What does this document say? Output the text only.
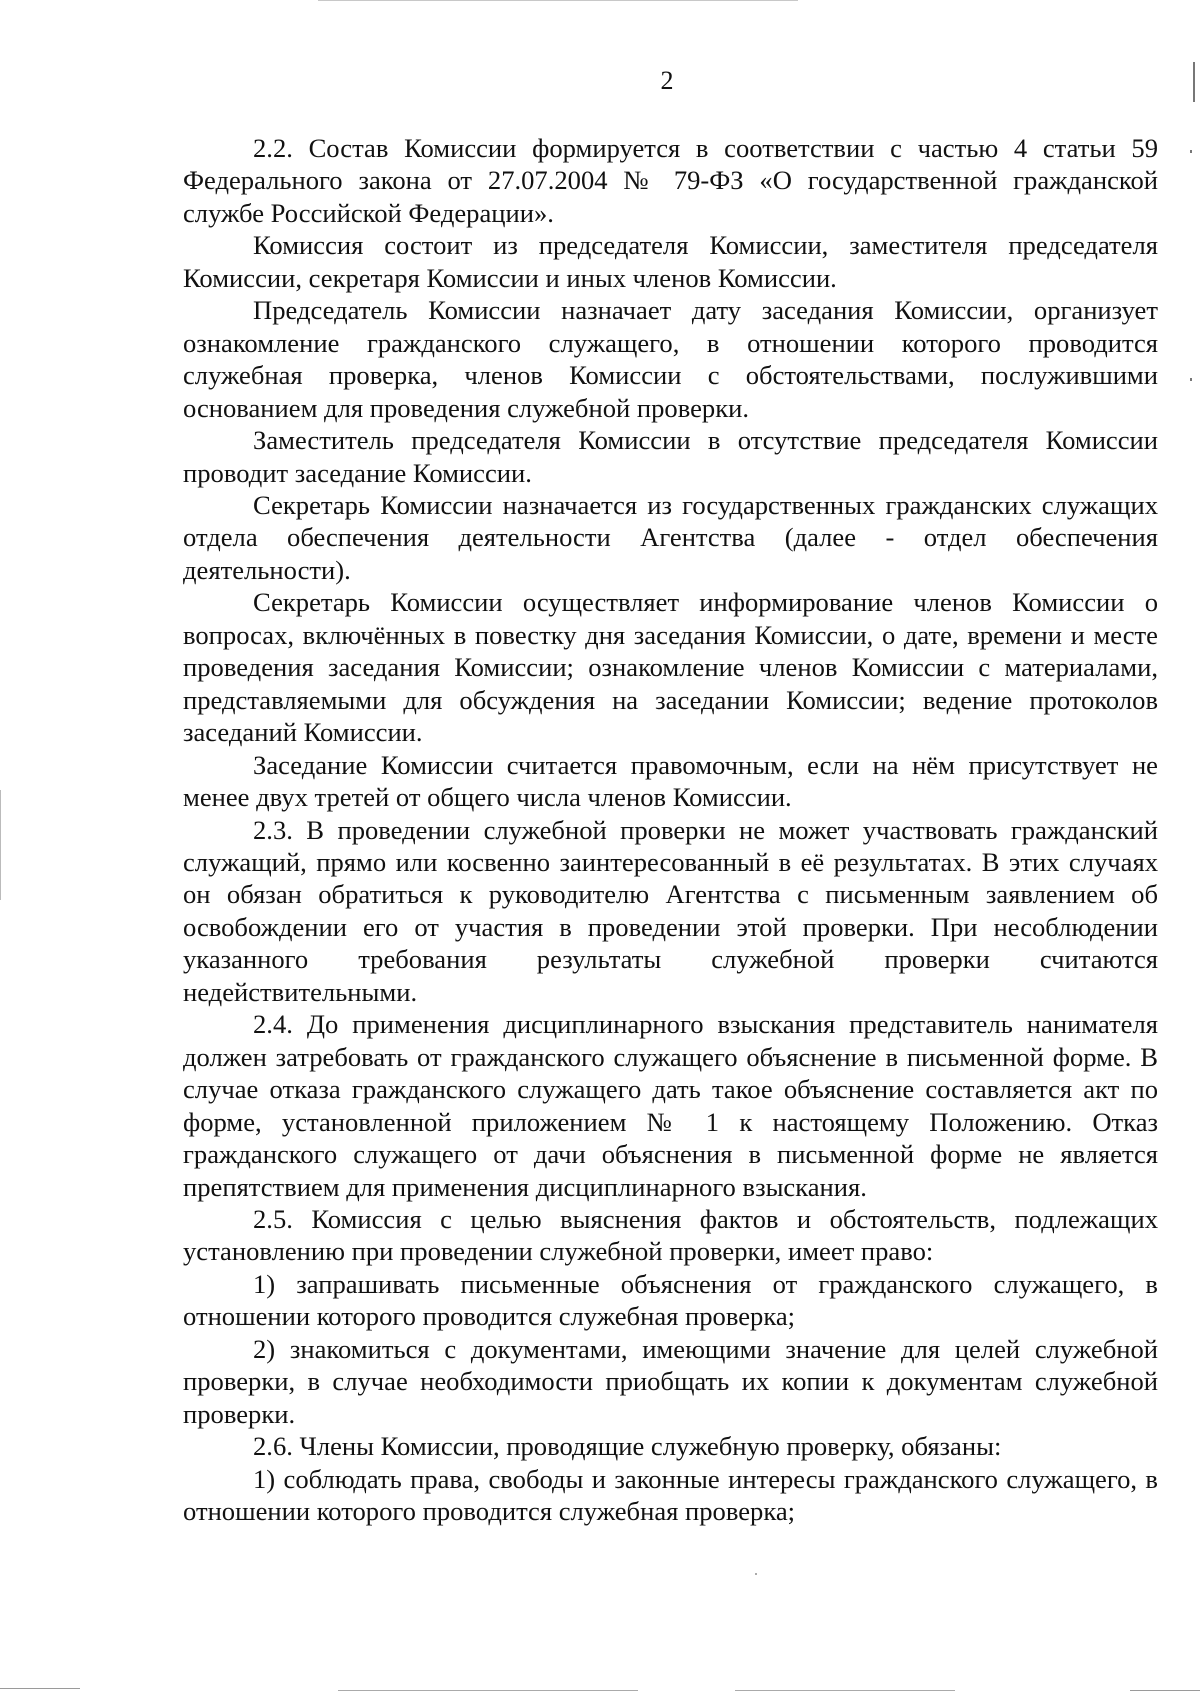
2

2.2. Состав Комиссии формируется в соответствии с частью 4 статьи 59 Федерального закона от 27.07.2004 № 79-ФЗ «О государственной гражданской службе Российской Федерации».

Комиссия состоит из председателя Комиссии, заместителя председателя Комиссии, секретаря Комиссии и иных членов Комиссии.

Председатель Комиссии назначает дату заседания Комиссии, организует ознакомление гражданского служащего, в отношении которого проводится служебная проверка, членов Комиссии с обстоятельствами, послужившими основанием для проведения служебной проверки.

Заместитель председателя Комиссии в отсутствие председателя Комиссии проводит заседание Комиссии.

Секретарь Комиссии назначается из государственных гражданских служащих отдела обеспечения деятельности Агентства (далее - отдел обеспечения деятельности).

Секретарь Комиссии осуществляет информирование членов Комиссии о вопросах, включённых в повестку дня заседания Комиссии, о дате, времени и месте проведения заседания Комиссии; ознакомление членов Комиссии с материалами, представляемыми для обсуждения на заседании Комиссии; ведение протоколов заседаний Комиссии.

Заседание Комиссии считается правомочным, если на нём присутствует не менее двух третей от общего числа членов Комиссии.

2.3. В проведении служебной проверки не может участвовать гражданский служащий, прямо или косвенно заинтересованный в её результатах. В этих случаях он обязан обратиться к руководителю Агентства с письменным заявлением об освобождении его от участия в проведении этой проверки. При несоблюдении указанного требования результаты служебной проверки считаются недействительными.

2.4. До применения дисциплинарного взыскания представитель нанимателя должен затребовать от гражданского служащего объяснение в письменной форме. В случае отказа гражданского служащего дать такое объяснение составляется акт по форме, установленной приложением № 1 к настоящему Положению. Отказ гражданского служащего от дачи объяснения в письменной форме не является препятствием для применения дисциплинарного взыскания.

2.5. Комиссия с целью выяснения фактов и обстоятельств, подлежащих установлению при проведении служебной проверки, имеет право:

1) запрашивать письменные объяснения от гражданского служащего, в отношении которого проводится служебная проверка;

2) знакомиться с документами, имеющими значение для целей служебной проверки, в случае необходимости приобщать их копии к документам служебной проверки.

2.6. Члены Комиссии, проводящие служебную проверку, обязаны:

1) соблюдать права, свободы и законные интересы гражданского служащего, в отношении которого проводится служебная проверка;
